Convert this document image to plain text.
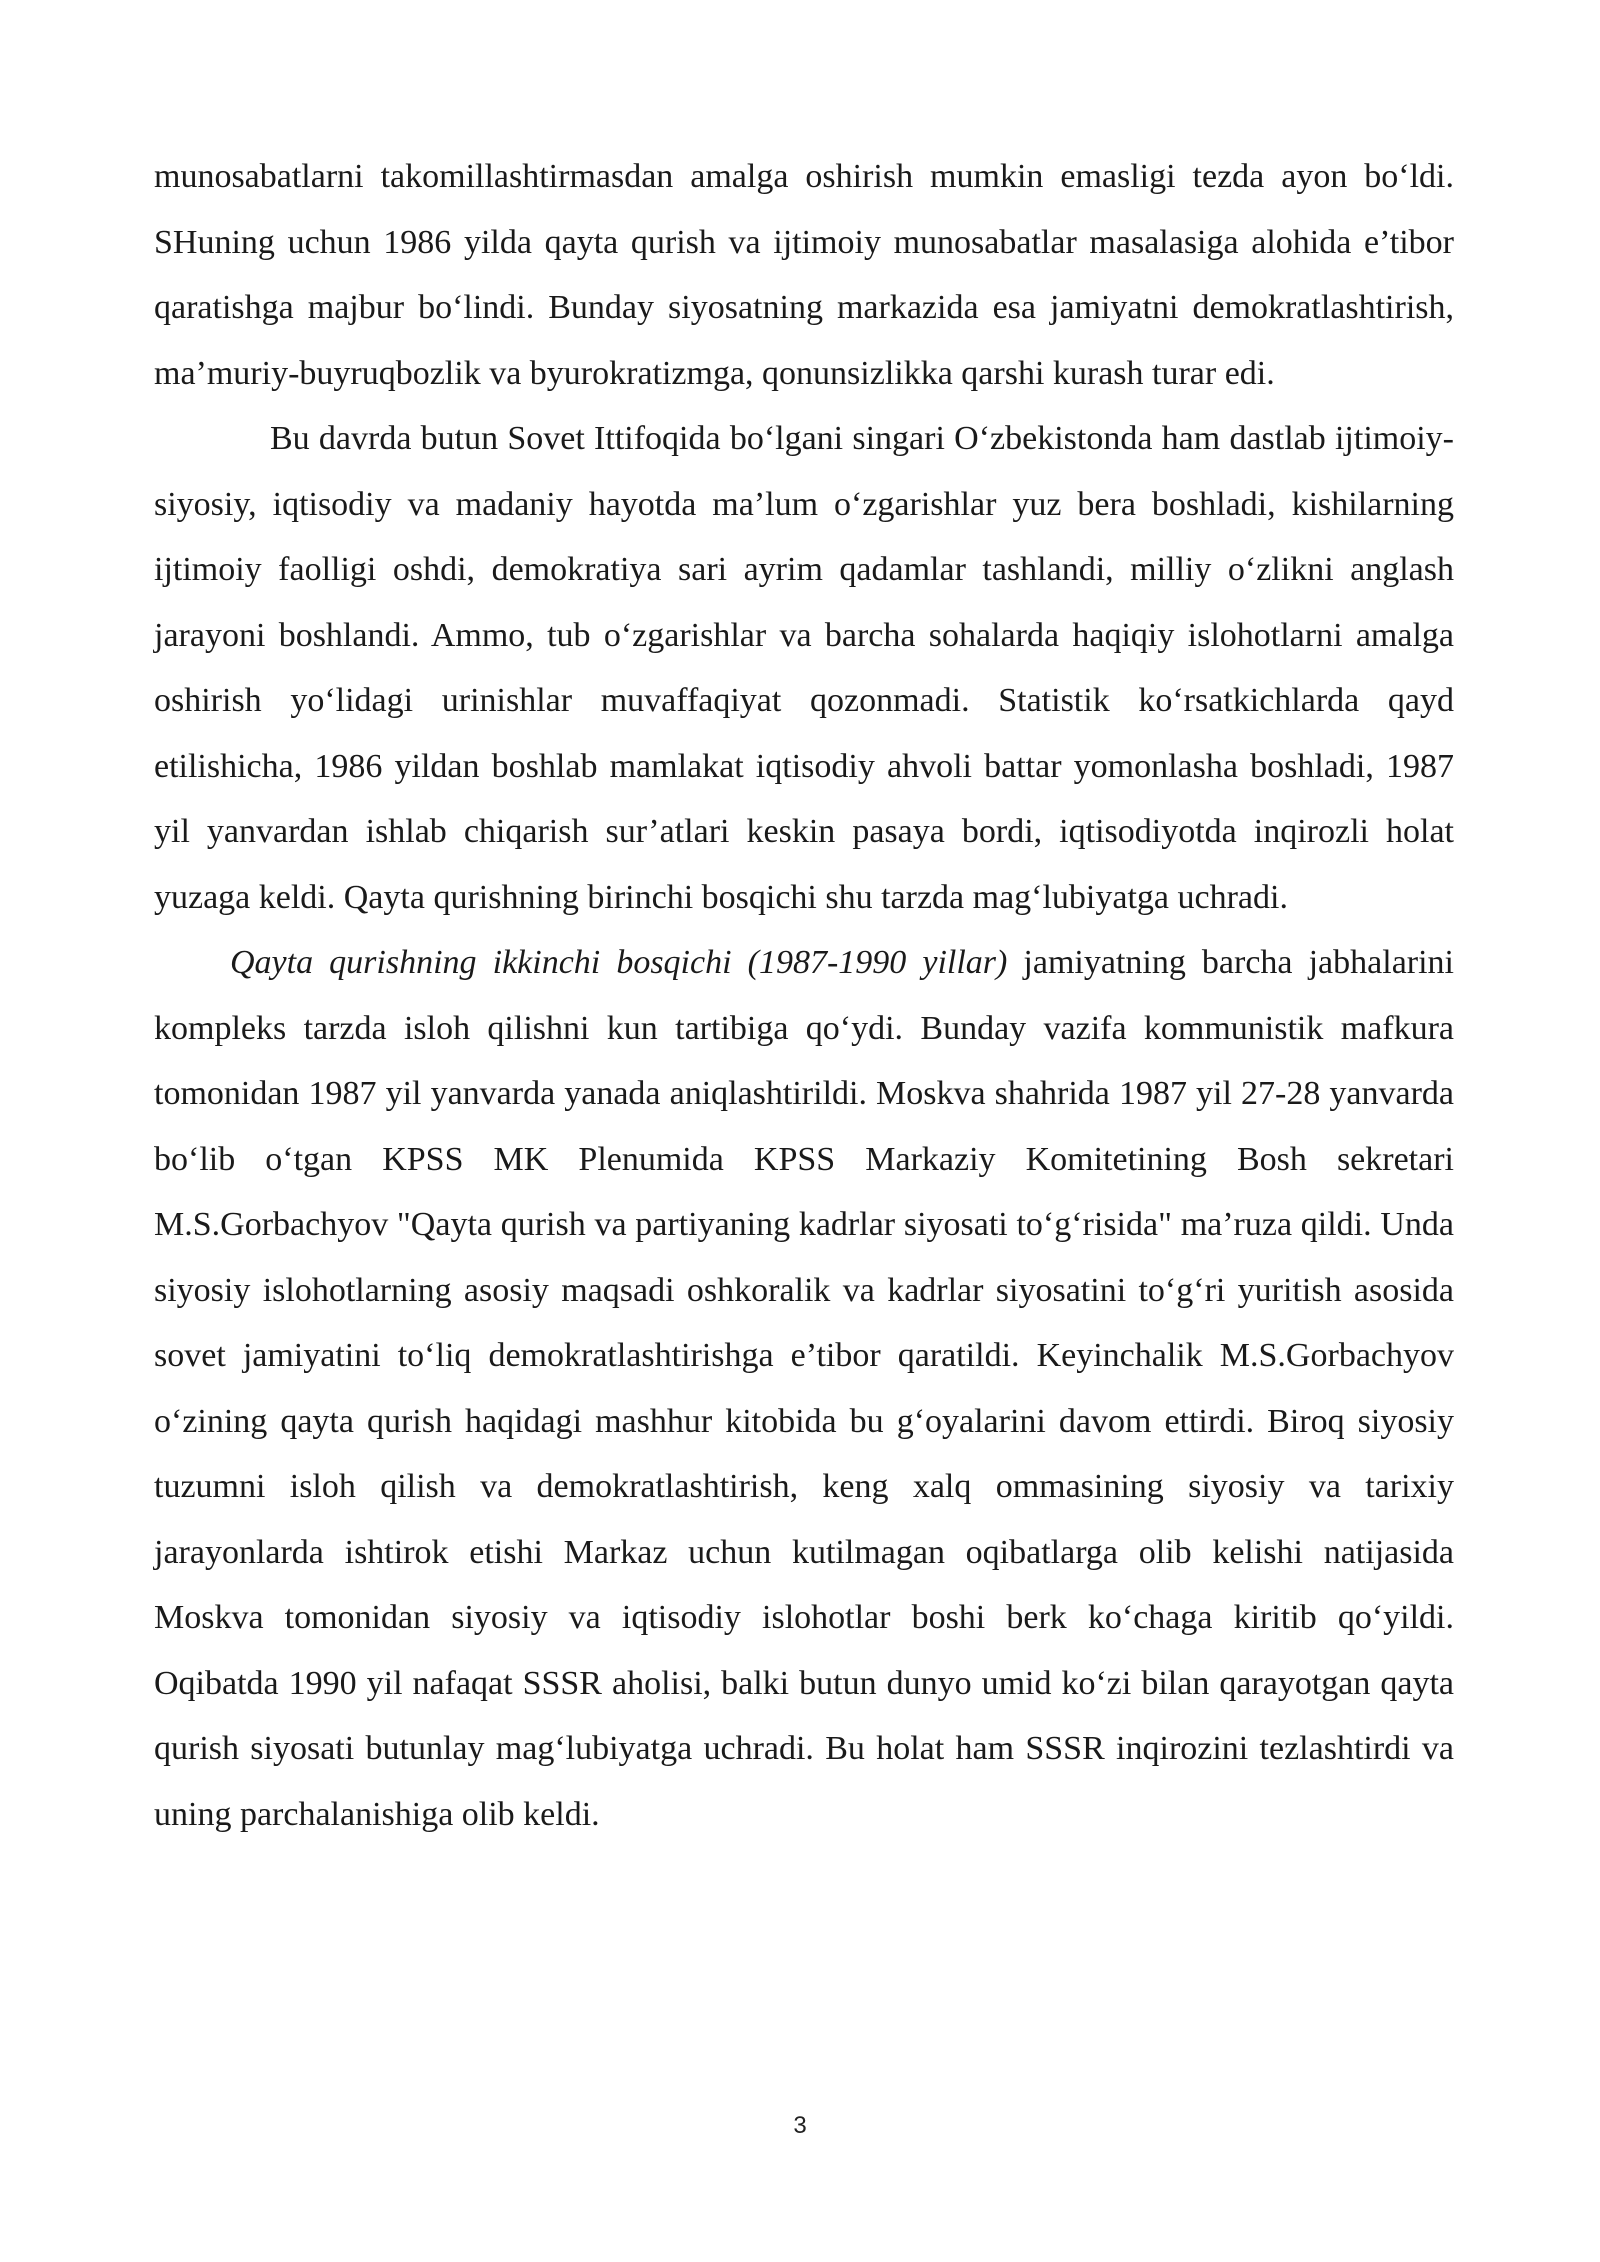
munosabatlarni takomillashtirmasdan amalga oshirish mumkin emasligi tezda ayon bo‘ldi. SHuning uchun 1986 yilda qayta qurish va ijtimoiy munosabatlar masalasiga alohida e’tibor qaratishga majbur bo‘lindi. Bunday siyosatning markazida esa jamiyatni demokratlashtirish, ma’muriy-buyruqbozlik va byurokratizmga, qonunsizlikka qarshi kurash turar edi.

Bu davrda butun Sovet Ittifoqida bo‘lgani singari O‘zbekistonda ham dastlab ijtimoiy-siyosiy, iqtisodiy va madaniy hayotda ma’lum o‘zgarishlar yuz bera boshladi, kishilarning ijtimoiy faolligi oshdi, demokratiya sari ayrim qadamlar tashlandi, milliy o‘zlikni anglash jarayoni boshlandi. Ammo, tub o‘zgarishlar va barcha sohalarda haqiqiy islohotlarni amalga oshirish yo‘lidagi urinishlar muvaffaqiyat qozonmadi. Statistik ko‘rsatkichlarda qayd etilishicha, 1986 yildan boshlab mamlakat iqtisodiy ahvoli battar yomonlasha boshladi, 1987 yil yanvardan ishlab chiqarish sur’atlari keskin pasaya bordi, iqtisodiyotda inqirozli holat yuzaga keldi. Qayta qurishning birinchi bosqichi shu tarzda mag‘lubiyatga uchradi.

Qayta qurishning ikkinchi bosqichi (1987-1990 yillar) jamiyatning barcha jabhalarini kompleks tarzda isloh qilishni kun tartibiga qo‘ydi. Bunday vazifa kommunistik mafkura tomonidan 1987 yil yanvarda yanada aniqlashtirildi. Moskva shahrida 1987 yil 27-28 yanvarda bo‘lib o‘tgan KPSS MK Plenumida KPSS Markaziy Komitetining Bosh sekretari M.S.Gorbachyov "Qayta qurish va partiyaning kadrlar siyosati to‘g‘risida" ma’ruza qildi. Unda siyosiy islohotlarning asosiy maqsadi oshkoralik va kadrlar siyosatini to‘g‘ri yuritish asosida sovet jamiyatini to‘liq demokratlashtirishga e’tibor qaratildi. Keyinchalik M.S.Gorbachyov o‘zining qayta qurish haqidagi mashhur kitobida bu g‘oyalarini davom ettirdi. Biroq siyosiy tuzumni isloh qilish va demokratlashtirish, keng xalq ommasining siyosiy va tarixiy jarayonlarda ishtirok etishi Markaz uchun kutilmagan oqibatlarga olib kelishi natijasida Moskva tomonidan siyosiy va iqtisodiy islohotlar boshi berk ko‘chaga kiritib qo‘yildi. Oqibatda 1990 yil nafaqat SSSR aholisi, balki butun dunyo umid ko‘zi bilan qarayotgan qayta qurish siyosati butunlay mag‘lubiyatga uchradi. Bu holat ham SSSR inqirozini tezlashtirdi va uning parchalanishiga olib keldi.

3
